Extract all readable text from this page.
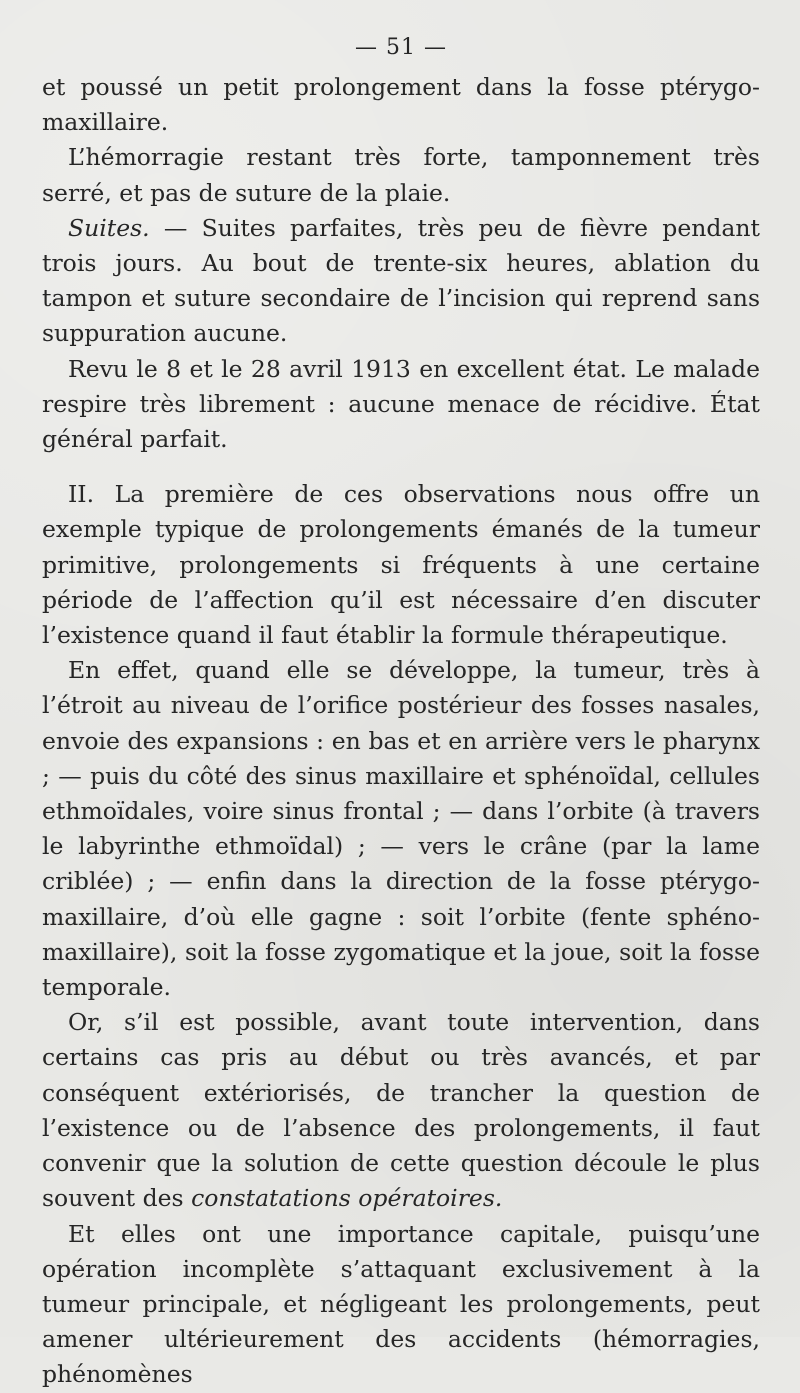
— 51 —

et poussé un petit prolongement dans la fosse ptérygo-maxillaire.

L’hémorragie restant très forte, tamponnement très serré, et pas de suture de la plaie.

Suites. — Suites parfaites, très peu de fièvre pendant trois jours. Au bout de trente-six heures, ablation du tampon et suture secondaire de l’incision qui reprend sans suppuration aucune.

Revu le 8 et le 28 avril 1913 en excellent état. Le malade respire très librement : aucune menace de récidive. État général parfait.

II. La première de ces observations nous offre un exemple typique de prolongements émanés de la tumeur primitive, prolongements si fréquents à une certaine période de l’affection qu’il est nécessaire d’en discuter l’existence quand il faut établir la formule thérapeutique.

En effet, quand elle se développe, la tumeur, très à l’étroit au niveau de l’orifice postérieur des fosses nasales, envoie des expansions : en bas et en arrière vers le pharynx ; — puis du côté des sinus maxillaire et sphénoïdal, cellules ethmoïdales, voire sinus frontal ; — dans l’orbite (à travers le labyrinthe ethmoïdal) ; — vers le crâne (par la lame criblée) ; — enfin dans la direction de la fosse ptérygo-maxillaire, d’où elle gagne : soit l’orbite (fente sphéno-maxillaire), soit la fosse zygomatique et la joue, soit la fosse temporale.

Or, s’il est possible, avant toute intervention, dans certains cas pris au début ou très avancés, et par conséquent extériorisés, de trancher la question de l’existence ou de l’absence des prolongements, il faut convenir que la solution de cette question découle le plus souvent des constatations opératoires.

Et elles ont une importance capitale, puisqu’une opération incomplète s’attaquant exclusivement à la tumeur principale, et négligeant les prolongements, peut amener ultérieurement des accidents (hémorragies, phénomènes
